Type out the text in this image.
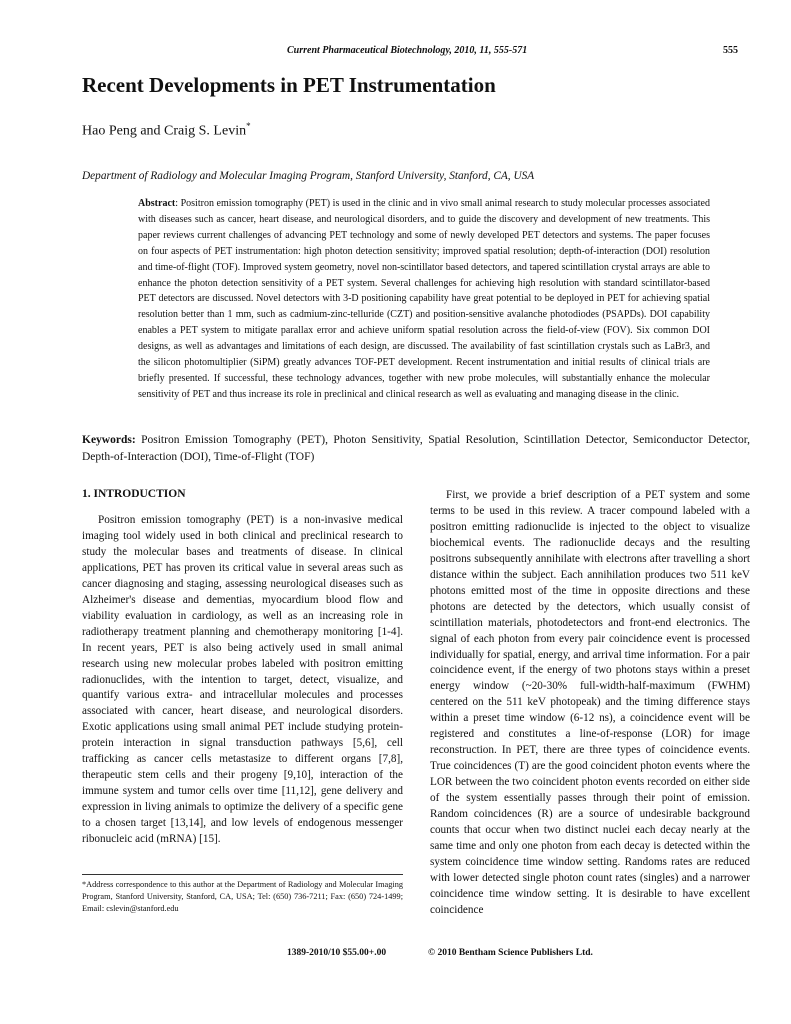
Current Pharmaceutical Biotechnology, 2010, 11, 555-571	555
Recent Developments in PET Instrumentation
Hao Peng and Craig S. Levin*
Department of Radiology and Molecular Imaging Program, Stanford University, Stanford, CA, USA
Abstract: Positron emission tomography (PET) is used in the clinic and in vivo small animal research to study molecular processes associated with diseases such as cancer, heart disease, and neurological disorders, and to guide the discovery and development of new treatments. This paper reviews current challenges of advancing PET technology and some of newly developed PET detectors and systems. The paper focuses on four aspects of PET instrumentation: high photon detection sensitivity; improved spatial resolution; depth-of-interaction (DOI) resolution and time-of-flight (TOF). Improved system geometry, novel non-scintillator based detectors, and tapered scintillation crystal arrays are able to enhance the photon detection sensitivity of a PET system. Several challenges for achieving high resolution with standard scintillator-based PET detectors are discussed. Novel detectors with 3-D positioning capability have great potential to be deployed in PET for achieving spatial resolution better than 1 mm, such as cadmium-zinc-telluride (CZT) and position-sensitive avalanche photodiodes (PSAPDs). DOI capability enables a PET system to mitigate parallax error and achieve uniform spatial resolution across the field-of-view (FOV). Six common DOI designs, as well as advantages and limitations of each design, are discussed. The availability of fast scintillation crystals such as LaBr3, and the silicon photomultiplier (SiPM) greatly advances TOF-PET development. Recent instrumentation and initial results of clinical trials are briefly presented. If successful, these technology advances, together with new probe molecules, will substantially enhance the molecular sensitivity of PET and thus increase its role in preclinical and clinical research as well as evaluating and managing disease in the clinic.
Keywords: Positron Emission Tomography (PET), Photon Sensitivity, Spatial Resolution, Scintillation Detector, Semiconductor Detector, Depth-of-Interaction (DOI), Time-of-Flight (TOF)
1. INTRODUCTION

Positron emission tomography (PET) is a non-invasive medical imaging tool widely used in both clinical and preclinical research to study the molecular bases and treatments of disease. In clinical applications, PET has proven its critical value in several areas such as cancer diagnosing and staging, assessing neurological diseases such as Alzheimer's disease and dementias, myocardium blood flow and viability evaluation in cardiology, as well as an increasing role in radiotherapy treatment planning and chemotherapy monitoring [1-4]. In recent years, PET is also being actively used in small animal research using new molecular probes labeled with positron emitting radionuclides, with the intention to target, detect, visualize, and quantify various extra- and intracellular molecules and processes associated with cancer, heart disease, and neurological disorders. Exotic applications using small animal PET include studying protein-protein interaction in signal transduction pathways [5,6], cell trafficking as cancer cells metastasize to different organs [7,8], therapeutic stem cells and their progeny [9,10], interaction of the immune system and tumor cells over time [11,12], gene delivery and expression in living animals to optimize the delivery of a specific gene to a chosen target [13,14], and low levels of endogenous messenger ribonucleic acid (mRNA) [15].

First, we provide a brief description of a PET system and some terms to be used in this review. A tracer compound labeled with a positron emitting radionuclide is injected to the object to visualize biochemical events. The radionuclide decays and the resulting positrons subsequently annihilate with electrons after travelling a short distance within the subject. Each annihilation produces two 511 keV photons emitted most of the time in opposite directions and these photons are detected by the detectors, which usually consist of scintillation materials, photodetectors and front-end electronics. The signal of each photon from every pair coincidence event is processed individually for spatial, energy, and arrival time information. For a pair coincidence event, if the energy of two photons stays within a preset energy window (~20-30% full-width-half-maximum (FWHM) centered on the 511 keV photopeak) and the timing difference stays within a preset time window (6-12 ns), a coincidence event will be registered and constitutes a line-of-response (LOR) for image reconstruction. In PET, there are three types of coincidence events. True coincidences (T) are the good coincident photon events where the LOR between the two coincident photon events recorded on either side of the system essentially passes through their point of emission. Random coincidences (R) are a source of undesirable background counts that occur when two distinct nuclei each decay nearly at the same time and only one photon from each decay is detected within the system coincidence time window setting. Randoms rates are reduced with lower detected single photon count rates (singles) and a narrower coincidence time window setting. It is desirable to have excellent coincidence

*Address correspondence to this author at the Department of Radiology and Molecular Imaging Program, Stanford University, Stanford, CA, USA; Tel: (650) 736-7211; Fax: (650) 724-1499; Email: cslevin@stanford.edu
1389-2010/10 $55.00+.00	© 2010 Bentham Science Publishers Ltd.
